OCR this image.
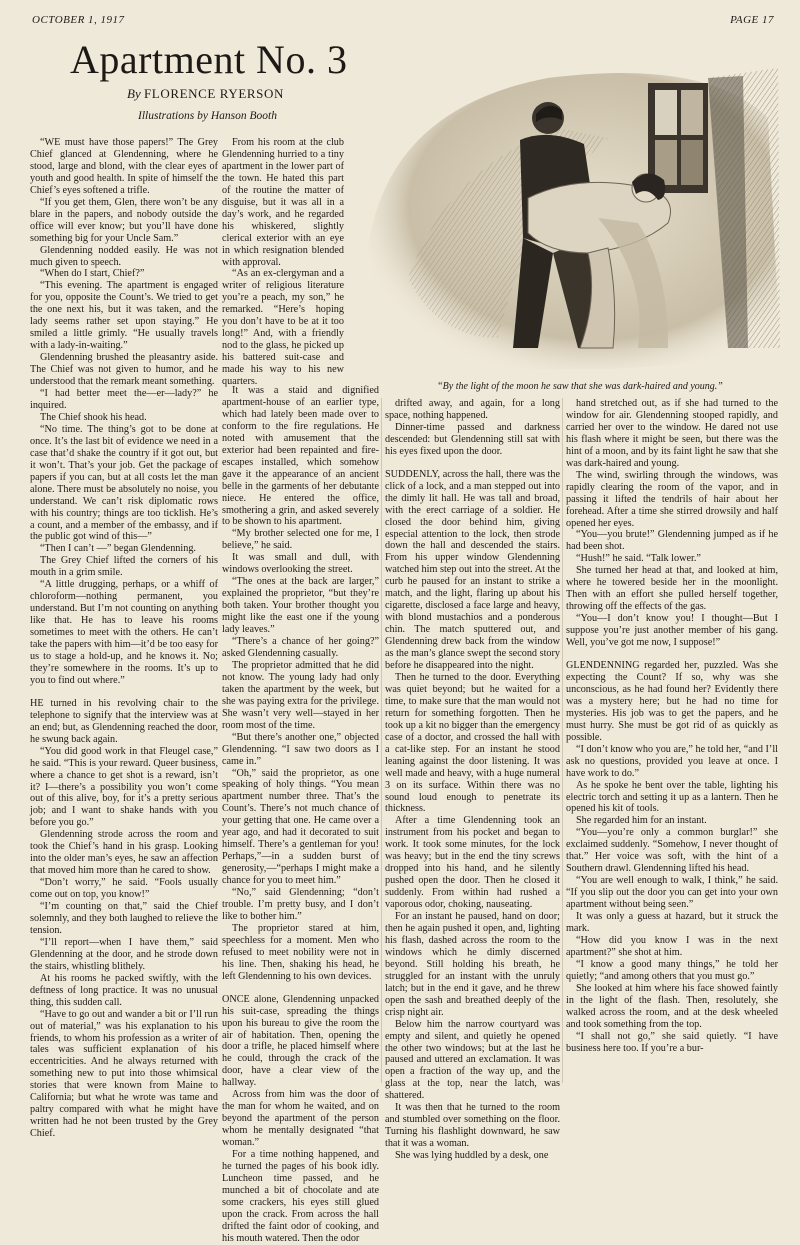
OCTOBER 1, 1917	PAGE 17
Apartment No. 3
By FLORENCE RYERSON
Illustrations by Hanson Booth
“By the light of the moon he saw that she was dark-haired and young.”

“WE must have those papers!” The Grey Chief glanced at Glendenning, where he stood, large and blond, with the clear eyes of youth and good health. In spite of himself the Chief’s eyes softened a trifle.

“If you get them, Glen, there won’t be any blare in the papers, and nobody outside the office will ever know; but you’ll have done something big for your Uncle Sam.”

Glendenning nodded easily. He was not much given to speech.

“When do I start, Chief?”

“This evening. The apartment is engaged for you, opposite the Count’s. We tried to get the one next his, but it was taken, and the lady seems rather set upon staying.” He smiled a little grimly. “He usually travels with a lady-in-waiting.”

Glendenning brushed the pleasantry aside. The Chief was not given to humor, and he understood that the remark meant something.

“I had better meet the—er—lady?” he inquired.

The Chief shook his head.

“No time. The thing’s got to be done at once. It’s the last bit of evidence we need in a case that’d shake the country if it got out, but it won’t. That’s your job. Get the package of papers if you can, but at all costs let the man alone. There must be absolutely no noise, you understand. We can’t risk diplomatic rows with his country; things are too ticklish. He’s a count, and a member of the embassy, and if the public got wind of this—”

“Then I can’t —” began Glendenning.

The Grey Chief lifted the corners of his mouth in a grim smile.

“A little drugging, perhaps, or a whiff of chloroform—nothing permanent, you understand. But I’m not counting on anything like that. He has to leave his rooms sometimes to meet with the others. He can’t take the papers with him—it’d be too easy for us to stage a hold-up, and he knows it. No; they’re somewhere in the rooms. It’s up to you to find out where.”

HE turned in his revolving chair to the telephone to signify that the interview was at an end; but, as Glendenning reached the door, he swung back again.

“You did good work in that Fleugel case,” he said. “This is your reward. Queer business, where a chance to get shot is a reward, isn’t it? I—there’s a possibility you won’t come out of this alive, boy, for it’s a pretty serious job; and I want to shake hands with you before you go.”

Glendenning strode across the room and took the Chief’s hand in his grasp. Looking into the older man’s eyes, he saw an affection that moved him more than he cared to show.

“Don’t worry,” he said. “Fools usually come out on top, you know!”

“I’m counting on that,” said the Chief solemnly, and they both laughed to relieve the tension.

“I’ll report—when I have them,” said Glendenning at the door, and he strode down the stairs, whistling blithely.

At his rooms he packed swiftly, with the deftness of long practice. It was no unusual thing, this sudden call.

“Have to go out and wander a bit or I’ll run out of material,” was his explanation to his friends, to whom his profession as a writer of tales was sufficient explanation of his eccentricities. And he always returned with something new to put into those whimsical stories that were known from Maine to California; but what he wrote was tame and paltry compared with what he might have written had he not been trusted by the Grey Chief.

From his room at the club Glendenning hurried to a tiny apartment in the lower part of the town. He hated this part of the routine the matter of disguise, but it was all in a day’s work, and he regarded his whiskered, slightly clerical exterior with an eye in which resignation blended with approval.

“As an ex-clergyman and a writer of religious literature you’re a peach, my son,” he remarked. “Here’s hoping you don’t have to be at it too long!” And, with a friendly nod to the glass, he picked up his battered suit-case and made his way to his new quarters.

It was a staid and dignified apartment-house of an earlier type, which had lately been made over to conform to the fire regulations. He noted with amusement that the exterior had been repainted and fire-escapes installed, which somehow gave it the appearance of an ancient belle in the garments of her debutante niece. He entered the office, smothering a grin, and asked severely to be shown to his apartment.

“My brother selected one for me, I believe,” he said.

It was small and dull, with windows overlooking the street.

“The ones at the back are larger,” explained the proprietor, “but they’re both taken. Your brother thought you might like the east one if the young lady leaves.”

“There’s a chance of her going?” asked Glendenning casually.

The proprietor admitted that he did not know. The young lady had only taken the apartment by the week, but she was paying extra for the privilege. She wasn’t very well—stayed in her room most of the time.

“But there’s another one,” objected Glendenning. “I saw two doors as I came in.”

“Oh,” said the proprietor, as one speaking of holy things. “You mean apartment number three. That’s the Count’s. There’s not much chance of your getting that one. He came over a year ago, and had it decorated to suit himself. There’s a gentleman for you! Perhaps,”—in a sudden burst of generosity,—“perhaps I might make a chance for you to meet him.”

“No,” said Glendenning; “don’t trouble. I’m pretty busy, and I don’t like to bother him.”

The proprietor stared at him, speechless for a moment. Men who refused to meet nobility were not in his line. Then, shaking his head, he left Glendenning to his own devices.

ONCE alone, Glendenning unpacked his suit-case, spreading the things upon his bureau to give the room the air of habitation. Then, opening the door a trifle, he placed himself where he could, through the crack of the door, have a clear view of the hallway.

Across from him was the door of the man for whom he waited, and on beyond the apartment of the person whom he mentally designated “that woman.”

For a time nothing happened, and he turned the pages of his book idly. Luncheon time passed, and he munched a bit of chocolate and ate some crackers, his eyes still glued upon the crack. From across the hall drifted the faint odor of cooking, and his mouth watered. Then the odor

drifted away, and again, for a long space, nothing happened.

Dinner-time passed and darkness descended: but Glendenning still sat with his eyes fixed upon the door.

SUDDENLY, across the hall, there was the click of a lock, and a man stepped out into the dimly lit hall. He was tall and broad, with the erect carriage of a soldier. He closed the door behind him, giving especial attention to the lock, then strode down the hall and descended the stairs. From his upper window Glendenning watched him step out into the street. At the curb he paused for an instant to strike a match, and the light, flaring up about his cigarette, disclosed a face large and heavy, with blond mustachios and a ponderous chin. The match sputtered out, and Glendenning drew back from the window as the man’s glance swept the second story before he disappeared into the night.

Then he turned to the door. Everything was quiet beyond; but he waited for a time, to make sure that the man would not return for something forgotten. Then he took up a kit no bigger than the emergency case of a doctor, and crossed the hall with a cat-like step. For an instant he stood leaning against the door listening. It was well made and heavy, with a huge numeral 3 on its surface. Within there was no sound loud enough to penetrate its thickness.

After a time Glendenning took an instrument from his pocket and began to work. It took some minutes, for the lock was heavy; but in the end the tiny screws dropped into his hand, and he silently pushed open the door. Then he closed it suddenly. From within had rushed a vaporous odor, choking, nauseating.

For an instant he paused, hand on door; then he again pushed it open, and, lighting his flash, dashed across the room to the windows which he dimly discerned beyond. Still holding his breath, he struggled for an instant with the unruly latch; but in the end it gave, and he threw open the sash and breathed deeply of the crisp night air.

Below him the narrow courtyard was empty and silent, and quietly he opened the other two windows; but at the last he paused and uttered an exclamation. It was open a fraction of the way up, and the glass at the top, near the latch, was shattered.

It was then that he turned to the room and stumbled over something on the floor. Turning his flashlight downward, he saw that it was a woman.

She was lying huddled by a desk, one

hand stretched out, as if she had turned to the window for air. Glendenning stooped rapidly, and carried her over to the window. He dared not use his flash where it might be seen, but there was the hint of a moon, and by its faint light he saw that she was dark-haired and young.

The wind, swirling through the windows, was rapidly clearing the room of the vapor, and in passing it lifted the tendrils of hair about her forehead. After a time she stirred drowsily and half opened her eyes.

“You—you brute!” Glendenning jumped as if he had been shot.

“Hush!” he said. “Talk lower.”

She turned her head at that, and looked at him, where he towered beside her in the moonlight. Then with an effort she pulled herself together, throwing off the effects of the gas.

“You—I don’t know you! I thought—But I suppose you’re just another member of his gang. Well, you’ve got me now, I suppose!”

GLENDENNING regarded her, puzzled. Was she expecting the Count? If so, why was she unconscious, as he had found her? Evidently there was a mystery here; but he had no time for mysteries. His job was to get the papers, and he must hurry. She must be got rid of as quickly as possible.

“I don’t know who you are,” he told her, “and I’ll ask no questions, provided you leave at once. I have work to do.”

As he spoke he bent over the table, lighting his electric torch and setting it up as a lantern. Then he opened his kit of tools.

She regarded him for an instant.

“You—you’re only a common burglar!” she exclaimed suddenly. “Somehow, I never thought of that.” Her voice was soft, with the hint of a Southern drawl. Glendenning lifted his head.

“You are well enough to walk, I think,” he said. “If you slip out the door you can get into your own apartment without being seen.”

It was only a guess at hazard, but it struck the mark.

“How did you know I was in the next apartment?” she shot at him.

“I know a good many things,” he told her quietly; “and among others that you must go.”

She looked at him where his face showed faintly in the light of the flash. Then, resolutely, she walked across the room, and at the desk wheeled and took something from the top.

“I shall not go,” she said quietly. “I have business here too. If you’re a bur-
